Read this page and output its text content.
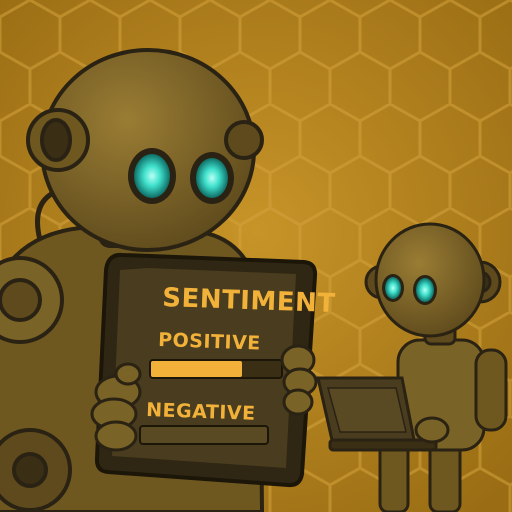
SENTIMENT
POSITIVE
NEGATIVE
